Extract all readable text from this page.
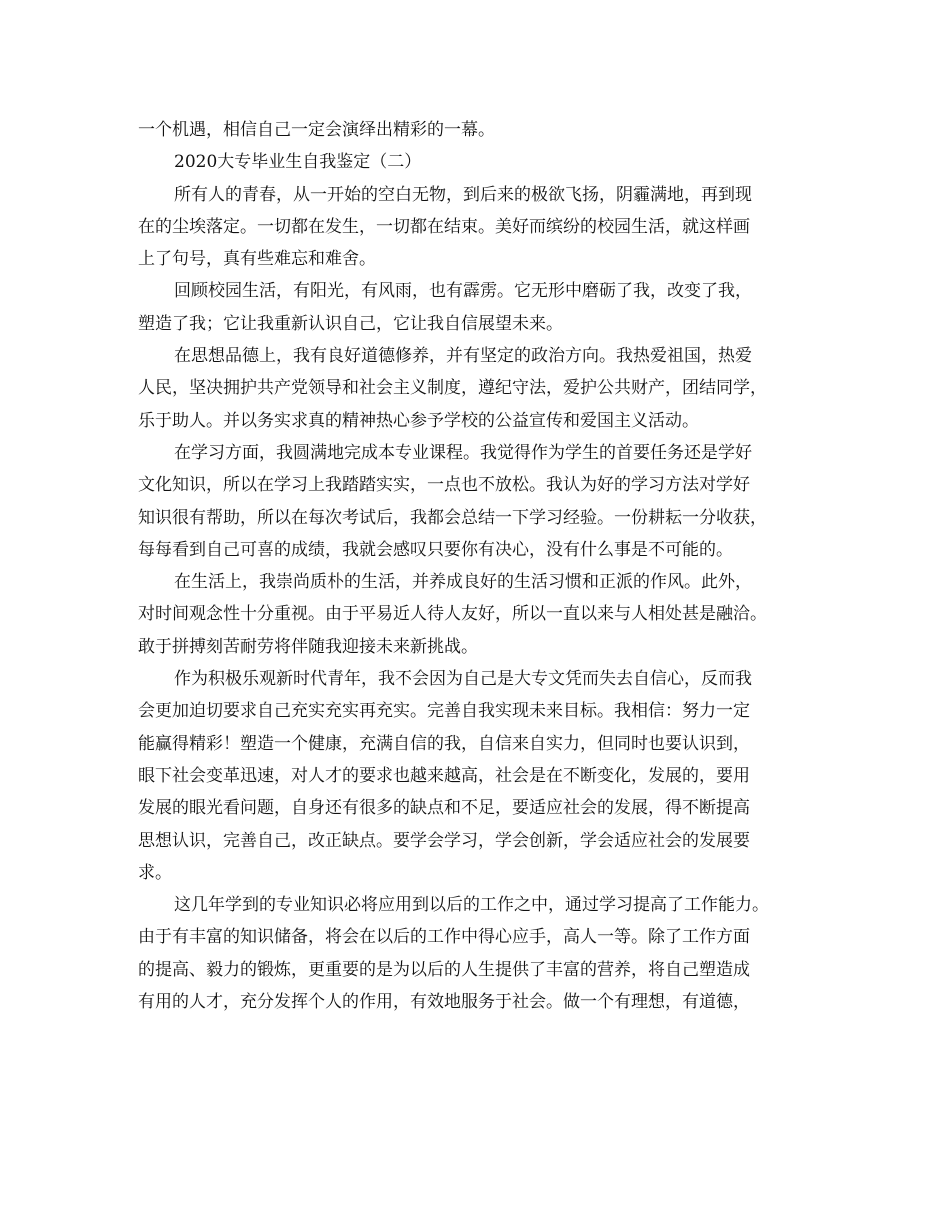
一个机遇，相信自己一定会演绎出精彩的一幕。
2020大专毕业生自我鉴定（二）
所有人的青春，从一开始的空白无物，到后来的极欲飞扬，阴霾满地，再到现
在的尘埃落定。一切都在发生，一切都在结束。美好而缤纷的校园生活，就这样画
上了句号，真有些难忘和难舍。
回顾校园生活，有阳光，有风雨，也有霹雳。它无形中磨砺了我，改变了我，
塑造了我；它让我重新认识自己，它让我自信展望未来。
在思想品德上，我有良好道德修养，并有坚定的政治方向。我热爱祖国，热爱
人民，坚决拥护共产党领导和社会主义制度，遵纪守法，爱护公共财产，团结同学，
乐于助人。并以务实求真的精神热心参予学校的公益宣传和爱国主义活动。
在学习方面，我圆满地完成本专业课程。我觉得作为学生的首要任务还是学好
文化知识，所以在学习上我踏踏实实，一点也不放松。我认为好的学习方法对学好
知识很有帮助，所以在每次考试后，我都会总结一下学习经验。一份耕耘一分收获，
每每看到自己可喜的成绩，我就会感叹只要你有决心，没有什么事是不可能的。
在生活上，我崇尚质朴的生活，并养成良好的生活习惯和正派的作风。此外，
对时间观念性十分重视。由于平易近人待人友好，所以一直以来与人相处甚是融洽。
敢于拼搏刻苦耐劳将伴随我迎接未来新挑战。
作为积极乐观新时代青年，我不会因为自己是大专文凭而失去自信心，反而我
会更加迫切要求自己充实充实再充实。完善自我实现未来目标。我相信：努力一定
能赢得精彩！塑造一个健康，充满自信的我，自信来自实力，但同时也要认识到，
眼下社会变革迅速，对人才的要求也越来越高，社会是在不断变化，发展的，要用
发展的眼光看问题，自身还有很多的缺点和不足，要适应社会的发展，得不断提高
思想认识，完善自己，改正缺点。要学会学习，学会创新，学会适应社会的发展要
求。
这几年学到的专业知识必将应用到以后的工作之中，通过学习提高了工作能力。
由于有丰富的知识储备，将会在以后的工作中得心应手，高人一等。除了工作方面
的提高、毅力的锻炼，更重要的是为以后的人生提供了丰富的营养，将自己塑造成
有用的人才，充分发挥个人的作用，有效地服务于社会。做一个有理想，有道德，
